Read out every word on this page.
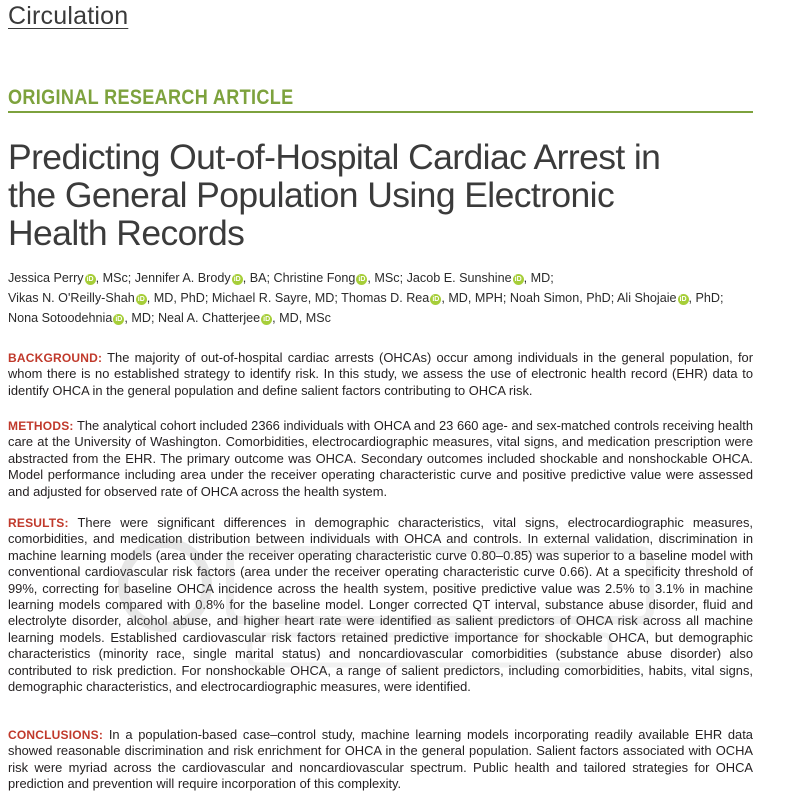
Circulation
ORIGINAL RESEARCH ARTICLE
Predicting Out-of-Hospital Cardiac Arrest in
the General Population Using Electronic
Health Records
Jessica Perry iD , MSc; Jennifer A. Brody iD , BA; Christine Fong iD , MSc; Jacob E. Sunshine iD , MD;
Vikas N. O'Reilly-Shah iD , MD, PhD; Michael R. Sayre, MD; Thomas D. Rea iD , MD, MPH; Noah Simon, PhD; Ali Shojaie iD , PhD;
Nona Sotoodehnia iD , MD; Neal A. Chatterjee iD , MD, MSc

BACKGROUND: The majority of out-of-hospital cardiac arrests (OHCAs) occur among individuals in the general population, for whom there is no established strategy to identify risk. In this study, we assess the use of electronic health record (EHR) data to identify OHCA in the general population and define salient factors contributing to OHCA risk.

METHODS: The analytical cohort included 2366 individuals with OHCA and 23 660 age- and sex-matched controls receiving health care at the University of Washington. Comorbidities, electrocardiographic measures, vital signs, and medication prescription were abstracted from the EHR. The primary outcome was OHCA. Secondary outcomes included shockable and nonshockable OHCA. Model performance including area under the receiver operating characteristic curve and positive predictive value were assessed and adjusted for observed rate of OHCA across the health system.

RESULTS: There were significant differences in demographic characteristics, vital signs, electrocardiographic measures, comorbidities, and medication distribution between individuals with OHCA and controls. In external validation, discrimination in machine learning models (area under the receiver operating characteristic curve 0.80–0.85) was superior to a baseline model with conventional cardiovascular risk factors (area under the receiver operating characteristic curve 0.66). At a specificity threshold of 99%, correcting for baseline OHCA incidence across the health system, positive predictive value was 2.5% to 3.1% in machine learning models compared with 0.8% for the baseline model. Longer corrected QT interval, substance abuse disorder, fluid and electrolyte disorder, alcohol abuse, and higher heart rate were identified as salient predictors of OHCA risk across all machine learning models. Established cardiovascular risk factors retained predictive importance for shockable OHCA, but demographic characteristics (minority race, single marital status) and noncardiovascular comorbidities (substance abuse disorder) also contributed to risk prediction. For nonshockable OHCA, a range of salient predictors, including comorbidities, habits, vital signs, demographic characteristics, and electrocardiographic measures, were identified.

CONCLUSIONS: In a population-based case–control study, machine learning models incorporating readily available EHR data showed reasonable discrimination and risk enrichment for OHCA in the general population. Salient factors associated with OCHA risk were myriad across the cardiovascular and noncardiovascular spectrum. Public health and tailored strategies for OHCA prediction and prevention will require incorporation of this complexity.
